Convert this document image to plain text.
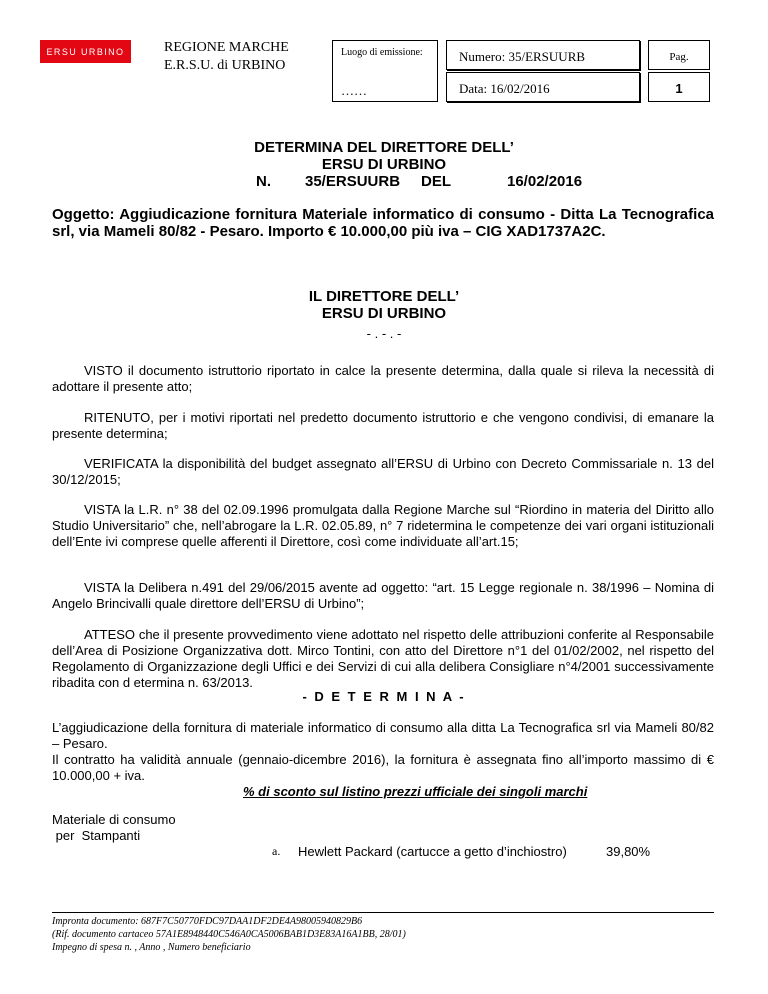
ERSU URBINO	REGIONE MARCHE
E.R.S.U. di URBINO
Luogo di emissione:
……
Numero: 35/ERSUURB
Data: 16/02/2016
Pag.
1
DETERMINA DEL DIRETTORE DELL’
ERSU DI URBINO
N. 35/ERSUURB DEL	16/02/2016
Oggetto: Aggiudicazione fornitura Materiale informatico di consumo - Ditta La Tecnografica srl, via Mameli 80/82 - Pesaro. Importo € 10.000,00 più iva – CIG XAD1737A2C.
IL DIRETTORE DELL’
ERSU DI URBINO
- . - . -
VISTO il documento istruttorio riportato in calce la presente determina, dalla quale si rileva la necessità di adottare il presente atto;
RITENUTO, per i motivi riportati nel predetto documento istruttorio e che vengono condivisi, di emanare la presente determina;
VERIFICATA la disponibilità del budget assegnato all’ERSU di Urbino con Decreto Commissariale n. 13 del 30/12/2015;
VISTA la L.R. n° 38 del 02.09.1996 promulgata dalla Regione Marche sul “Riordino in materia del Diritto allo Studio Universitario” che, nell’abrogare la L.R. 02.05.89, n° 7 ridetermina le competenze dei vari organi istituzionali dell’Ente ivi comprese quelle afferenti il Direttore, così come individuate all’art.15;
VISTA la Delibera n.491 del 29/06/2015 avente ad oggetto: “art. 15 Legge regionale n. 38/1996 – Nomina di Angelo Brincivalli quale direttore dell’ERSU di Urbino”;
ATTESO che il presente provvedimento viene adottato nel rispetto delle attribuzioni conferite al Responsabile dell’Area di Posizione Organizzativa dott. Mirco Tontini, con atto del Direttore n°1 del 01/02/2002, nel rispetto del Regolamento di Organizzazione degli Uffici e dei Servizi di cui alla delibera Consigliare n°4/2001 successivamente ribadita con d etermina n. 63/2013.
- D E T E R M I N A -
L’aggiudicazione della fornitura di materiale informatico di consumo alla ditta La Tecnografica srl via Mameli 80/82 – Pesaro.
Il contratto ha validità annuale (gennaio-dicembre 2016), la fornitura è assegnata fino all’importo massimo di € 10.000,00 + iva.
% di sconto sul listino prezzi ufficiale dei singoli marchi
Materiale di consumo
per  Stampanti
a. Hewlett Packard (cartucce a getto d’inchiostro)	39,80%
Impronta documento: 687F7C50770FDC97DAA1DF2DE4A98005940829B6
(Rif. documento cartaceo 57A1E8948440C546A0CA5006BAB1D3E83A16A1BB, 28/01)
Impegno di spesa n. , Anno , Numero beneficiario
